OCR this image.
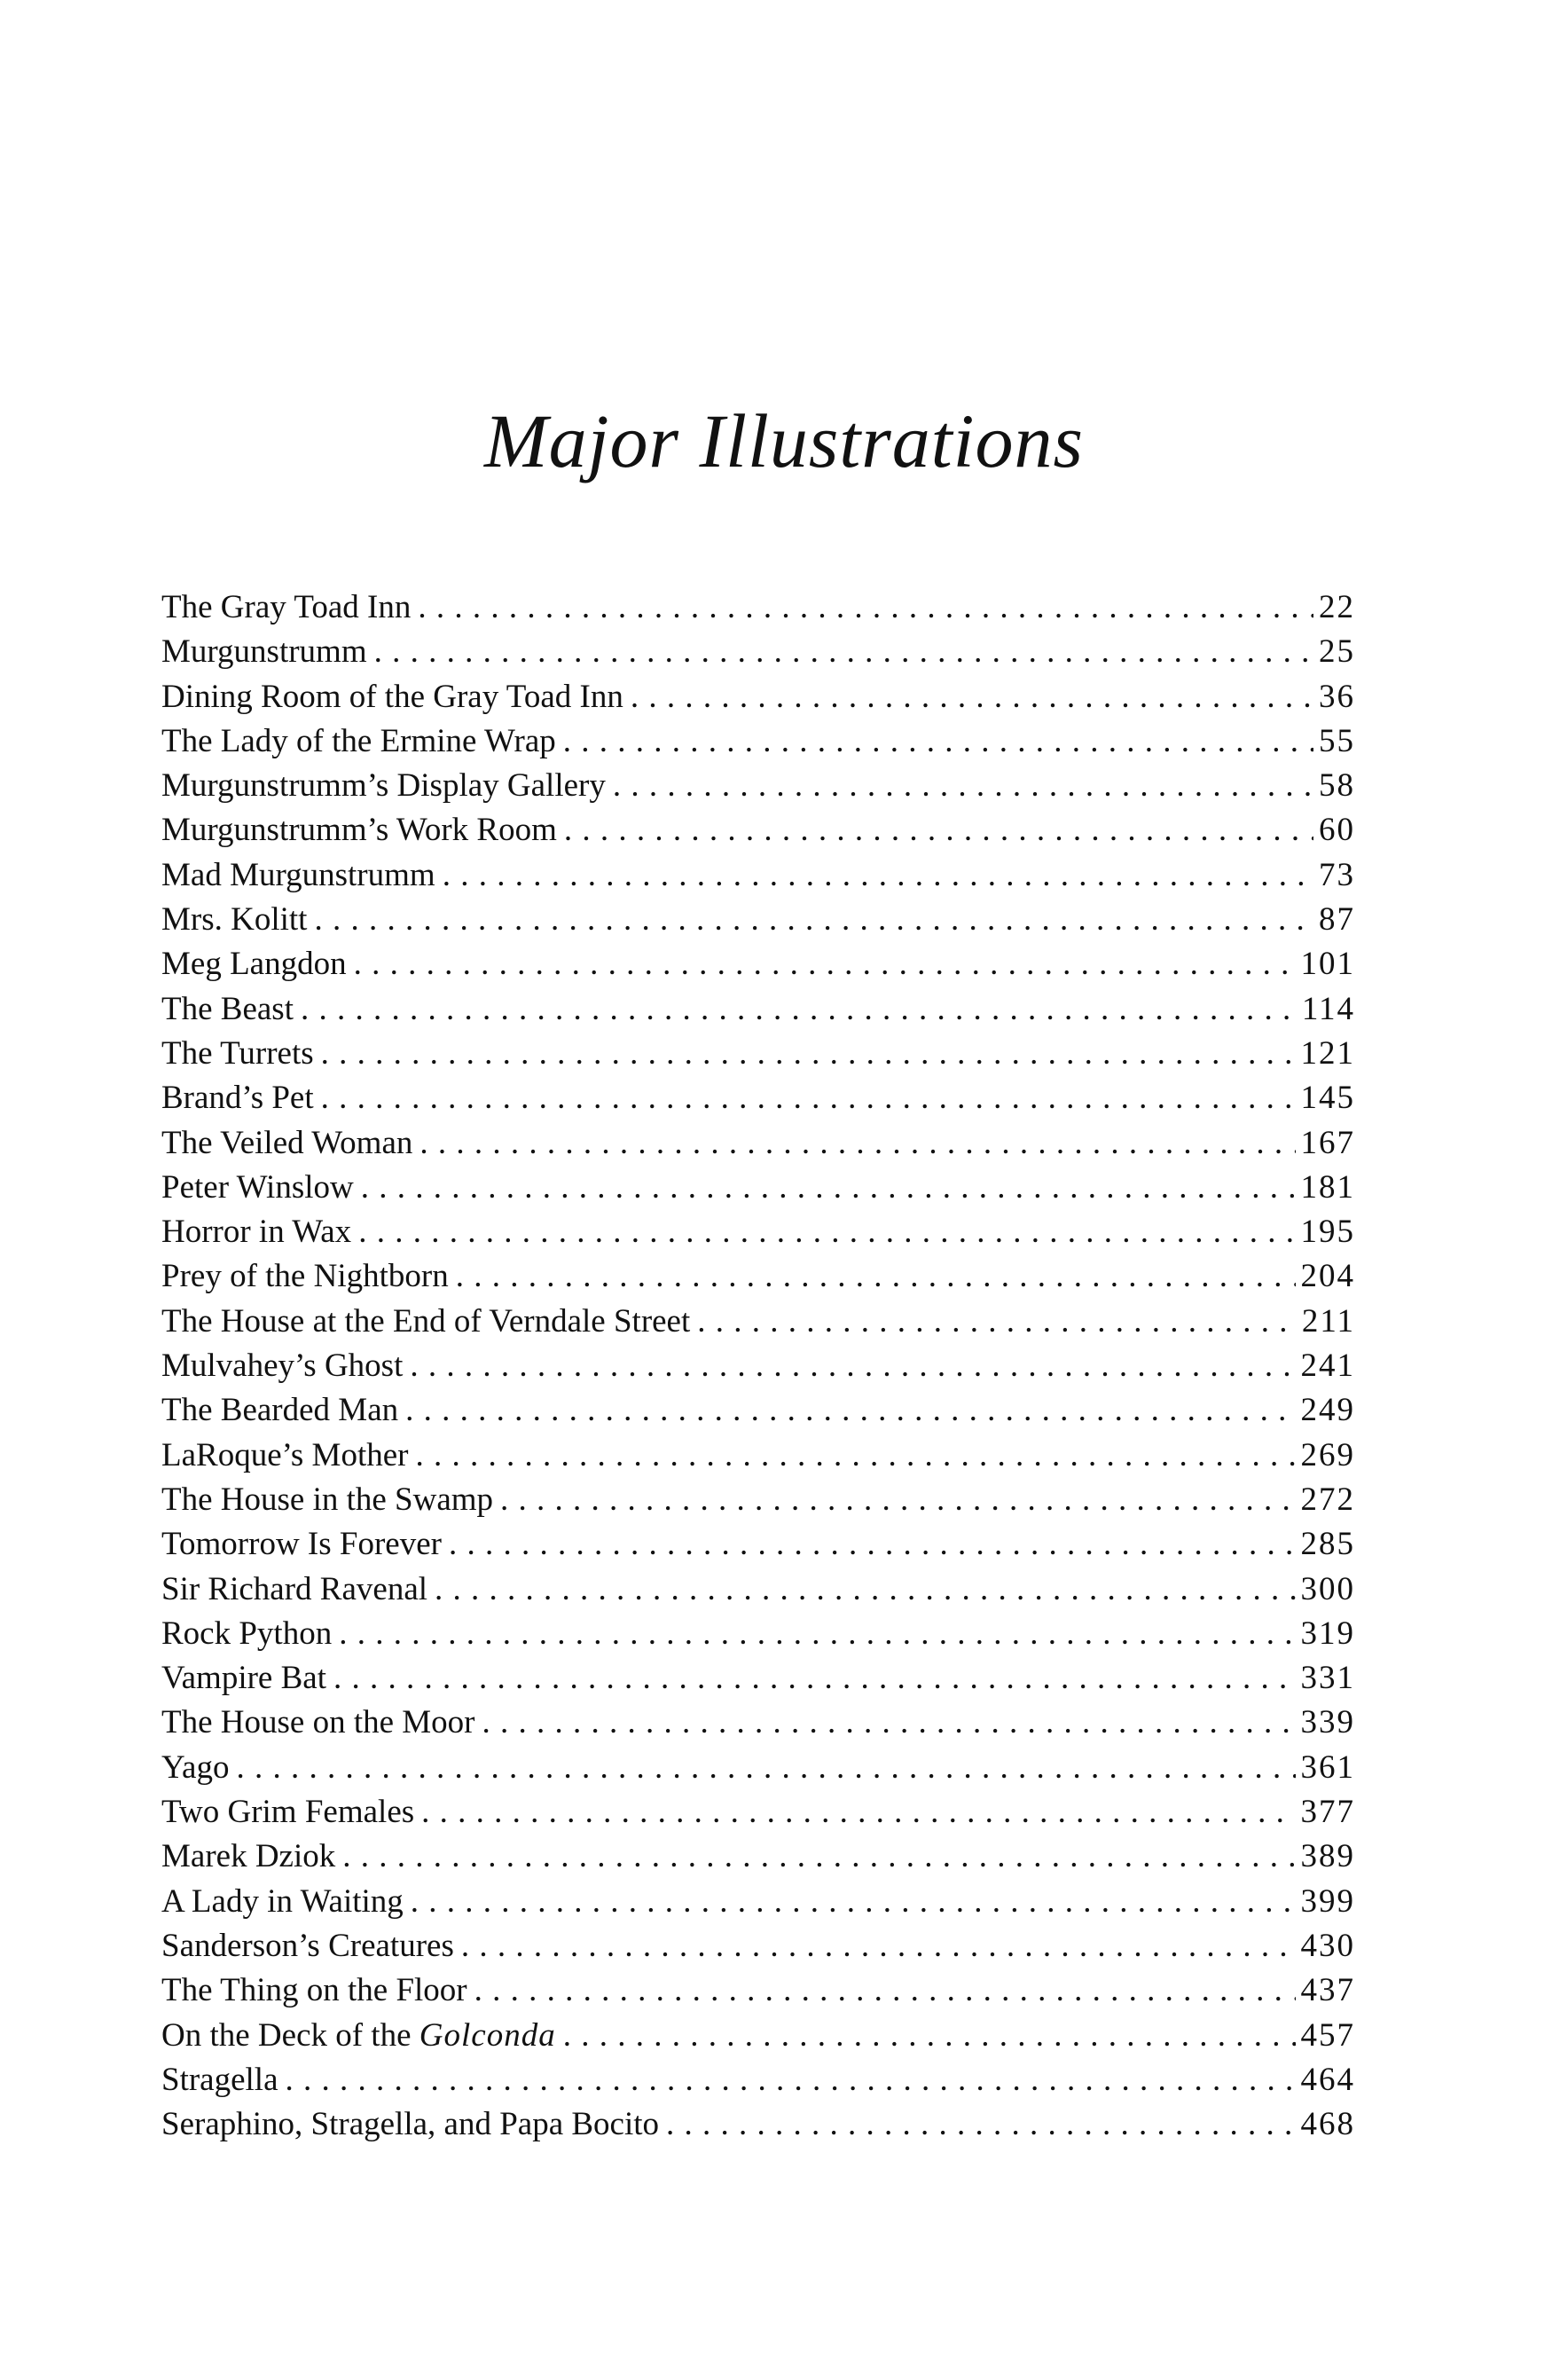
Major Illustrations
The Gray Toad Inn . . .	22
Murgunstrumm . . .	25
Dining Room of the Gray Toad Inn . . .	36
The Lady of the Ermine Wrap . . .	55
Murgunstrumm’s Display Gallery . . .	58
Murgunstrumm’s Work Room . . .	60
Mad Murgunstrumm . . .	73
Mrs. Kolitt . . .	87
Meg Langdon . . .	101
The Beast . . .	114
The Turrets . . .	121
Brand’s Pet . . .	145
The Veiled Woman . . .	167
Peter Winslow . . .	181
Horror in Wax . . .	195
Prey of the Nightborn . . .	204
The House at the End of Verndale Street . . .	211
Mulvahey’s Ghost . . .	241
The Bearded Man . . .	249
LaRoque’s Mother . . .	269
The House in the Swamp . . .	272
Tomorrow Is Forever . . .	285
Sir Richard Ravenal . . .	300
Rock Python . . .	319
Vampire Bat . . .	331
The House on the Moor . . .	339
Yago . . .	361
Two Grim Females . . .	377
Marek Dziok . . .	389
A Lady in Waiting . . .	399
Sanderson’s Creatures . . .	430
The Thing on the Floor . . .	437
On the Deck of the Golconda . . .	457
Stragella . . .	464
Seraphino, Stragella, and Papa Bocito . . .	468
